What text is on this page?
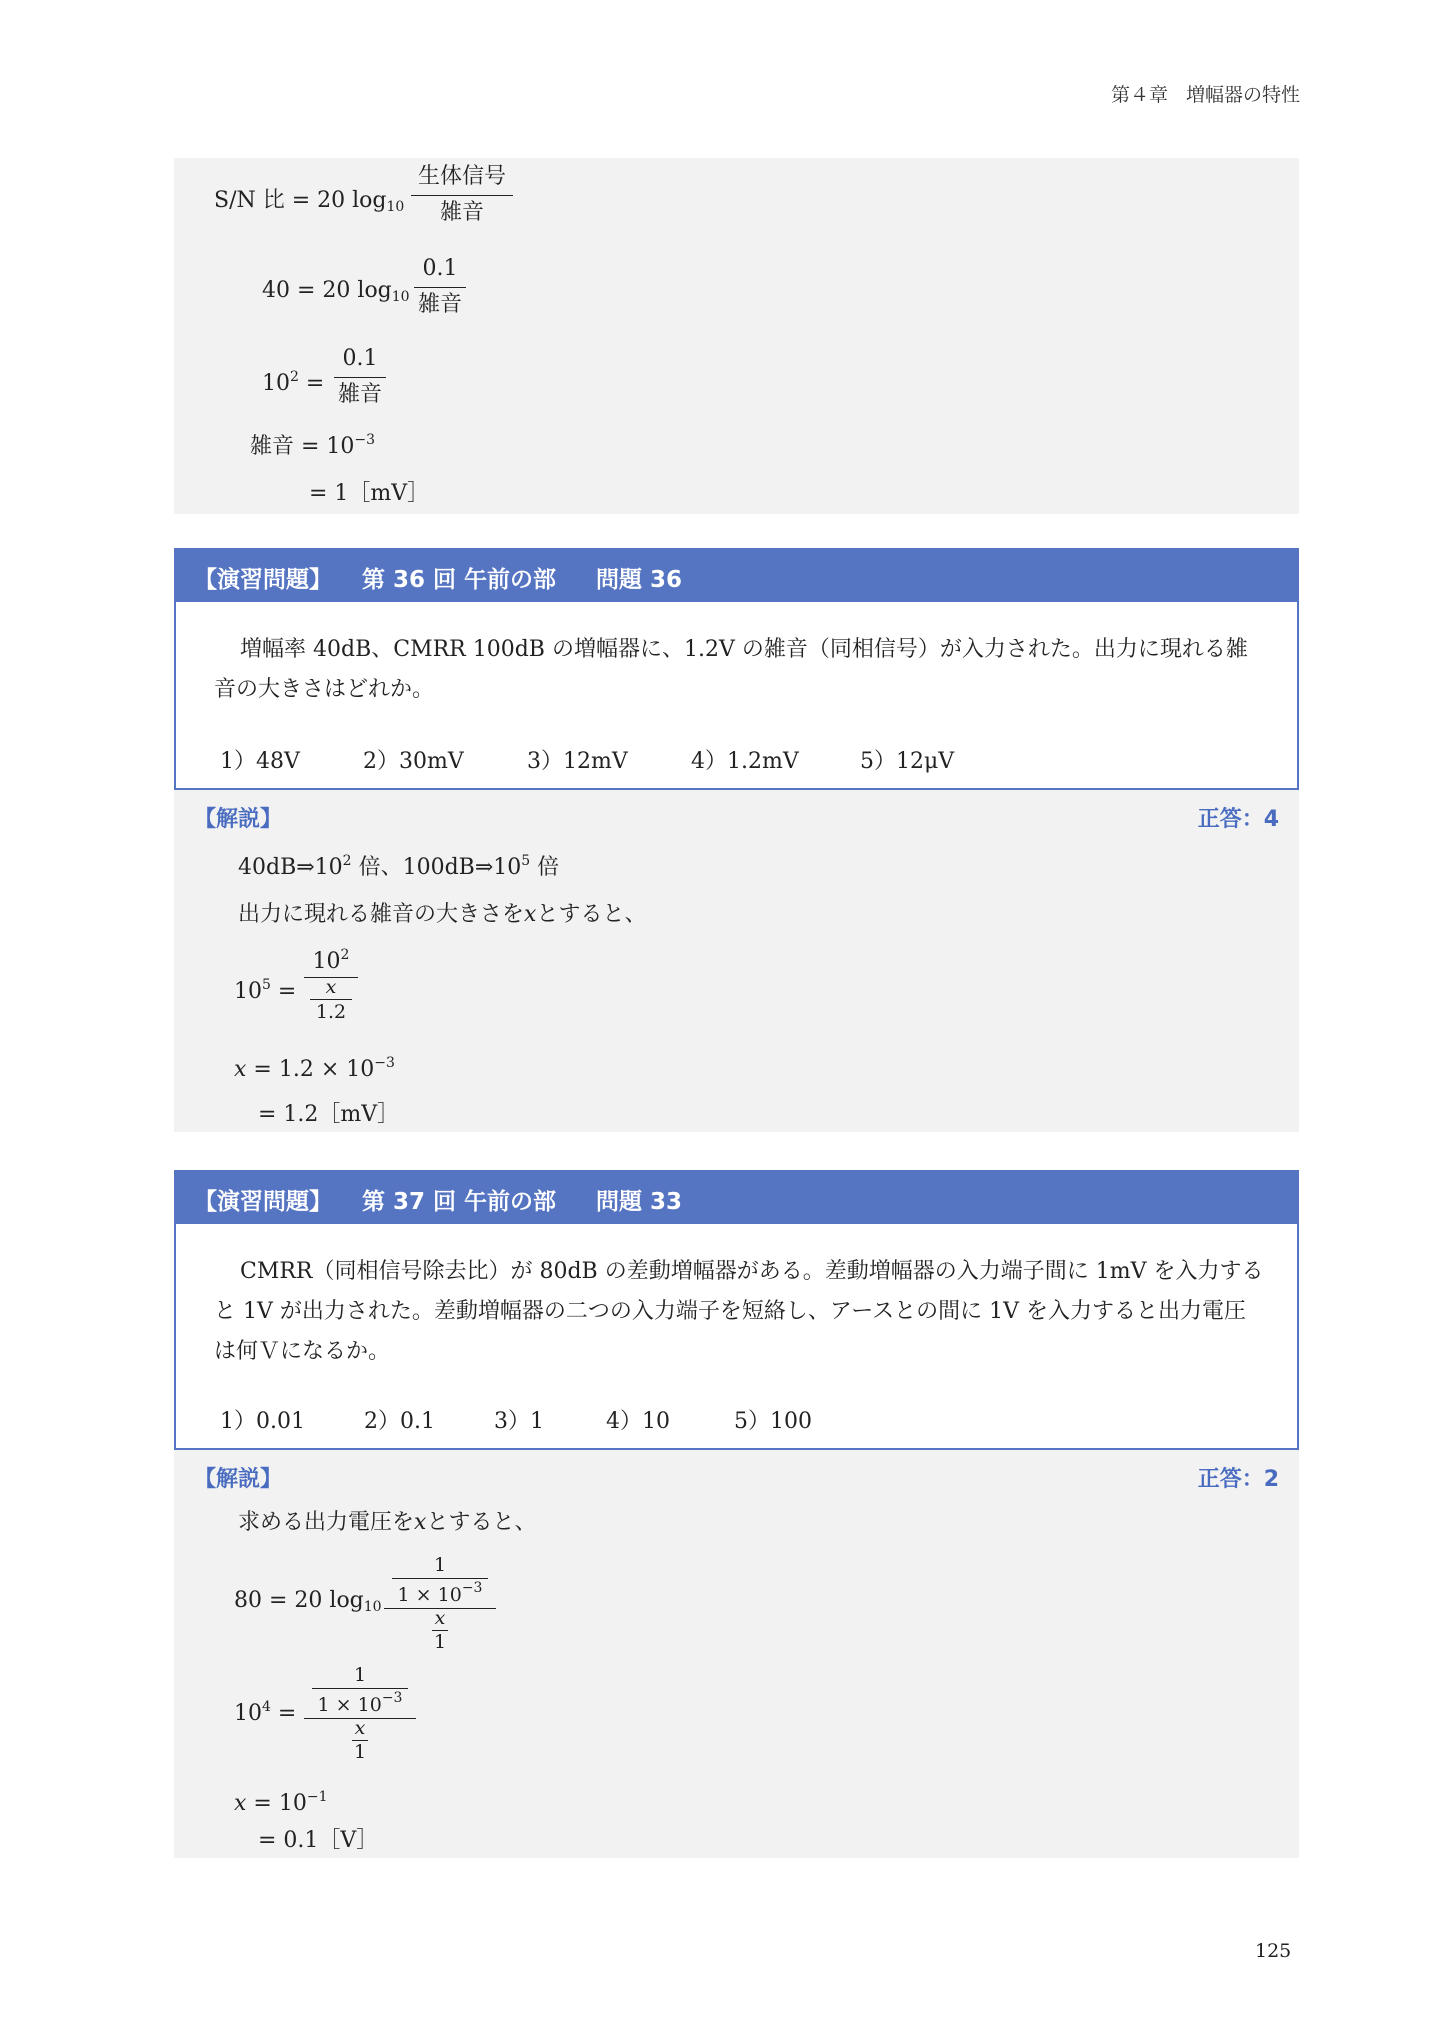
第４章 増幅器の特性
S/N 比 = 20 $\log_{10}$
生体信号
雑音
40 = 20 $\log_{10}$
0.1
雑音
$10^2$ =
0.1
雑音
雑音 = $10^{-3}$
= 1［mV］
【演習問題】 第 36 回 午前の部 問題 36
増幅率 40dB、CMRR 100dB の増幅器に、1.2V の雑音（同相信号）が入力された。出力に現れる雑音の大きさはどれか。
1）48V	2）30mV	3）12mV	4）1.2mV	5）12μV
【解説】	正答：4
$40dB\Rightarrow 10^2$ 倍、$100dB\Rightarrow 10^5$ 倍
出力に現れる雑音の大きさをxとすると、
$10^5$ =
$10^2$
x
1.2
$x = 1.2 \times 10^{-3}$
= 1.2［mV］
【演習問題】 第 37 回 午前の部 問題 33
CMRR（同相信号除去比）が 80dB の差動増幅器がある。差動増幅器の入力端子間に 1mV を入力すると 1V が出力された。差動増幅器の二つの入力端子を短絡し、アースとの間に 1V を入力すると出力電圧は何Ｖになるか。
1）0.01	2）0.1	3）1	4）10	5）100
【解説】	正答：2
求める出力電圧をxとすると、
80 = 20 $\log_{10}$
1
$1 \times 10^{-3}$
x
1
$10^4$ =
1
$1 \times 10^{-3}$
x
1
$x = 10^{-1}$
= 0.1［V］
125
